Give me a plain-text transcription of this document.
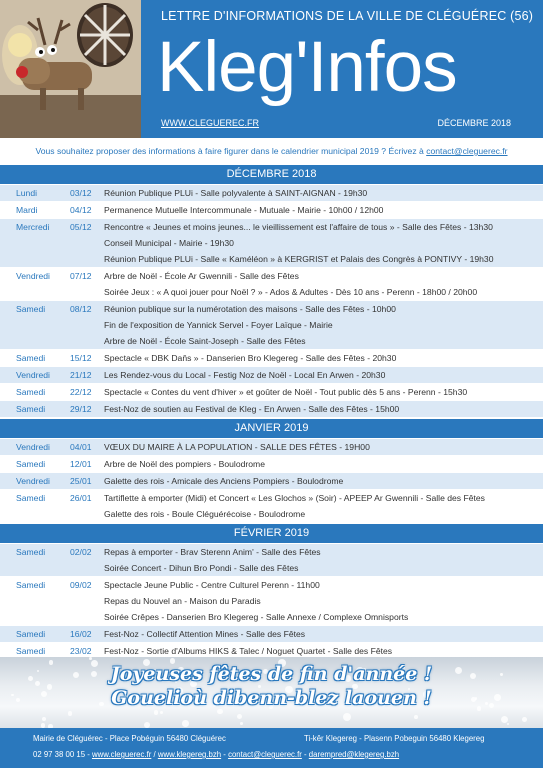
LETTRE D'INFORMATIONS DE LA VILLE DE CLÉGUÉREC (56)
Kleg'Infos
WWW.CLEGUEREC.FR	DÉCEMBRE 2018
Vous souhaitez proposer des informations à faire figurer dans le calendrier municipal 2019 ? Écrivez à contact@cleguerec.fr
DÉCEMBRE 2018
Lundi	03/12	Réunion Publique PLUi - Salle polyvalente à SAINT-AIGNAN - 19h30
Mardi	04/12	Permanence Mutuelle Intercommunale - Mutuale - Mairie - 10h00 / 12h00
Mercredi	05/12	Rencontre « Jeunes et moins jeunes... le vieillissement est l'affaire de tous » - Salle des Fêtes - 13h30
Conseil Municipal - Mairie - 19h30
Réunion Publique PLUi - Salle « Kaméléon » à KERGRIST et Palais des Congrès à PONTIVY - 19h30
Vendredi	07/12	Arbre de Noël - École Ar Gwennili - Salle des Fêtes
Soirée Jeux : « A quoi jouer pour Noël ? » - Ados & Adultes - Dès 10 ans - Perenn - 18h00 / 20h00
Samedi	08/12	Réunion publique sur la numérotation des maisons - Salle des Fêtes - 10h00
Fin de l'exposition de Yannick Servel - Foyer Laïque - Mairie
Arbre de Noël - École Saint-Joseph - Salle des Fêtes
Samedi	15/12	Spectacle « DBK Daňs » - Danserien Bro Klegereg - Salle des Fêtes - 20h30
Vendredi	21/12	Les Rendez-vous du Local - Festig Noz de Noël - Local En Arwen - 20h30
Samedi	22/12	Spectacle « Contes du vent d'hiver » et goûter de Noël - Tout public dès 5 ans - Perenn - 15h30
Samedi	29/12	Fest-Noz de soutien au Festival de Kleg - En Arwen - Salle des Fêtes - 15h00
JANVIER 2019
Vendredi	04/01	VŒUX DU MAIRE À LA POPULATION - SALLE DES FÊTES - 19H00
Samedi	12/01	Arbre de Noël des pompiers - Boulodrome
Vendredi	25/01	Galette des rois - Amicale des Anciens Pompiers - Boulodrome
Samedi	26/01	Tartiflette à emporter (Midi) et Concert « Les Glochos » (Soir) - APEEP Ar Gwennili - Salle des Fêtes
Galette des rois - Boule Cléguérécoise - Boulodrome
FÉVRIER 2019
Samedi	02/02	Repas à emporter - Brav Sterenn Anim' - Salle des Fêtes
Soirée Concert - Dihun Bro Pondi - Salle des Fêtes
Samedi	09/02	Spectacle Jeune Public - Centre Culturel Perenn - 11h00
Repas du Nouvel an - Maison du Paradis
Soirée Crêpes - Danserien Bro Klegereg - Salle Annexe / Complexe Omnisports
Samedi	16/02	Fest-Noz - Collectif Attention Mines - Salle des Fêtes
Samedi	23/02	Fest-Noz - Sortie d'Albums HIKS & Talec / Noguet Quartet - Salle des Fêtes
Joyeuses fêtes de fin d'année !
Gouelioù dibenn-blez laouen !
Mairie de Cléguérec - Place Pobéguin 56480 Cléguérec	Ti-kêr Klegereg - Plasenn Pobeguin 56480 Klegereg
02 97 38 00 15 - www.cleguerec.fr / www.klegereg.bzh - contact@cleguerec.fr - darempred@klegereg.bzh
